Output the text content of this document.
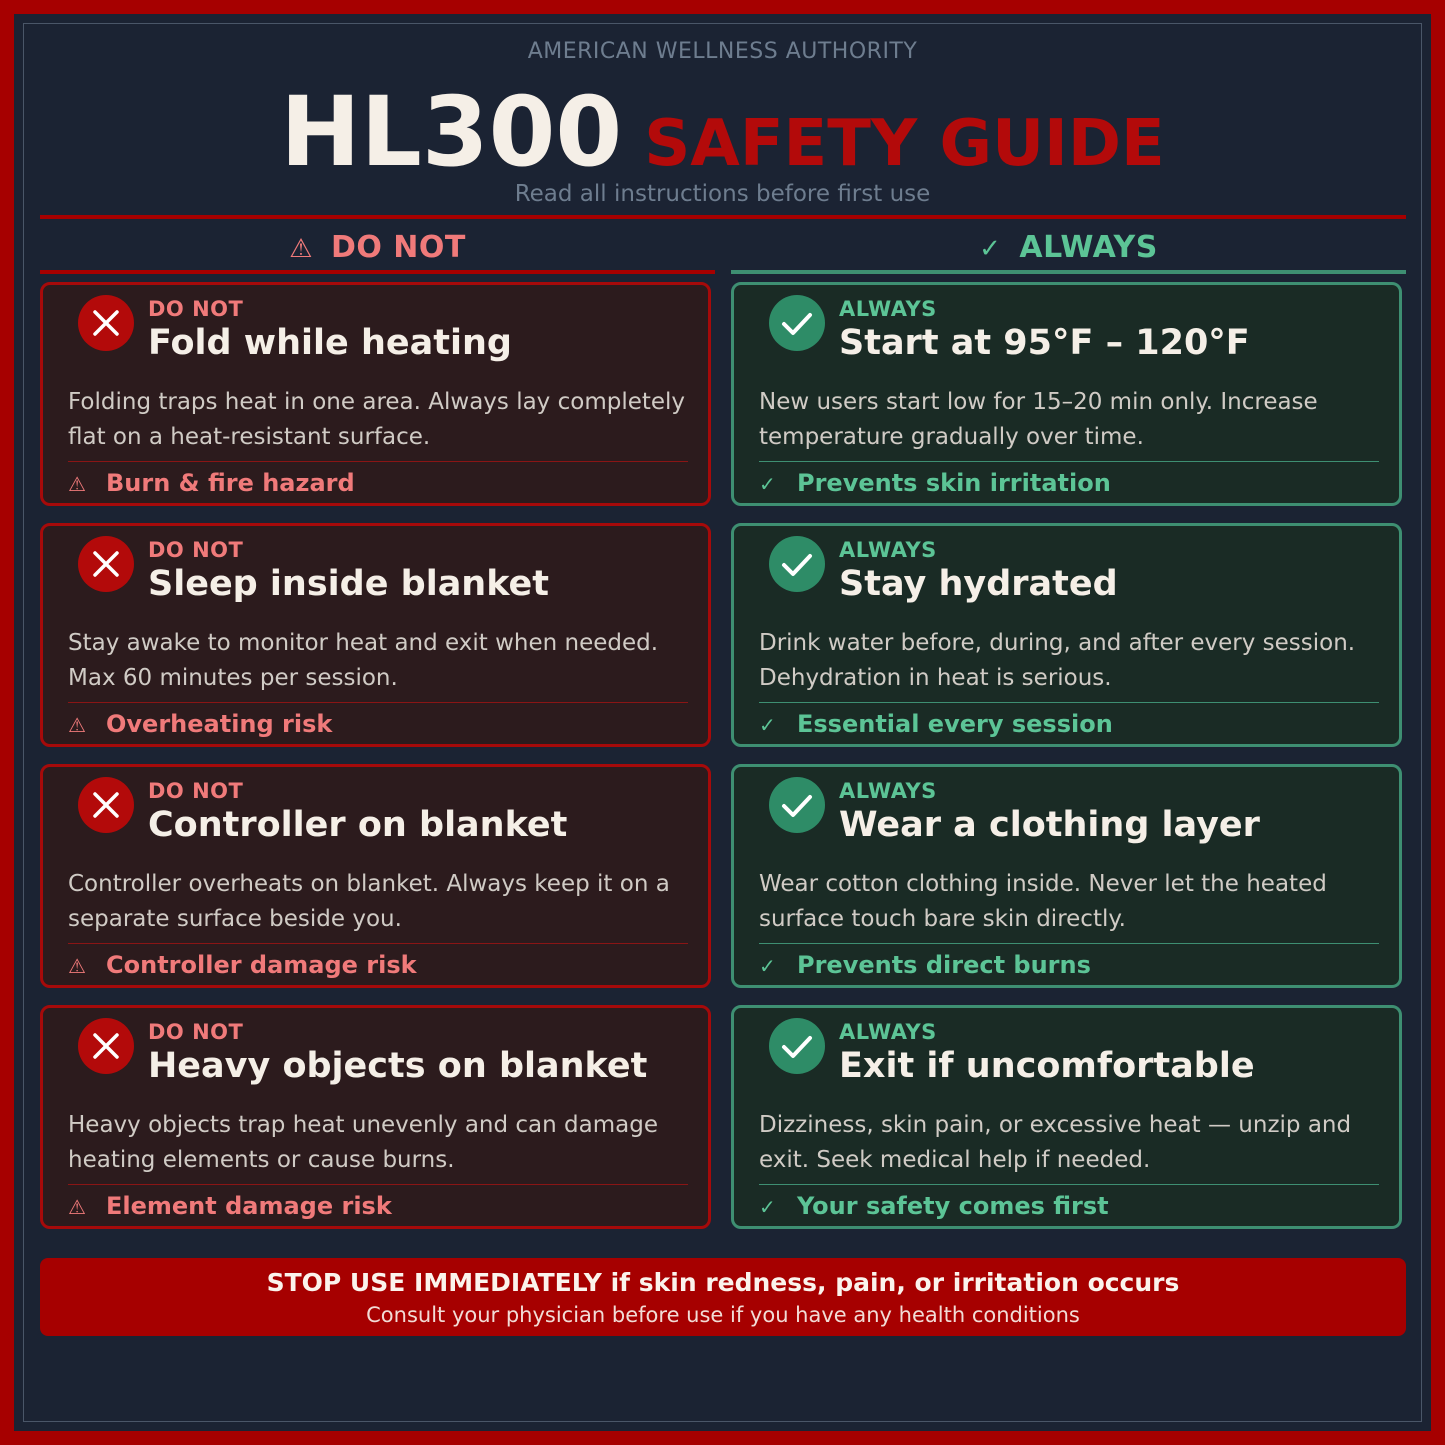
AMERICAN WELLNESS AUTHORITY
HL300 SAFETY GUIDE
Read all instructions before first use
⚠ DO NOT	✓ ALWAYS
DO NOT
Fold while heating
Folding traps heat in one area. Always lay completely flat on a heat-resistant surface.
⚠ Burn & fire hazard
DO NOT
Sleep inside blanket
Stay awake to monitor heat and exit when needed. Max 60 minutes per session.
⚠ Overheating risk
DO NOT
Controller on blanket
Controller overheats on blanket. Always keep it on a separate surface beside you.
⚠ Controller damage risk
DO NOT
Heavy objects on blanket
Heavy objects trap heat unevenly and can damage heating elements or cause burns.
⚠ Element damage risk
ALWAYS
Start at 95°F – 120°F
New users start low for 15–20 min only. Increase temperature gradually over time.
✓ Prevents skin irritation
ALWAYS
Stay hydrated
Drink water before, during, and after every session. Dehydration in heat is serious.
✓ Essential every session
ALWAYS
Wear a clothing layer
Wear cotton clothing inside. Never let the heated surface touch bare skin directly.
✓ Prevents direct burns
ALWAYS
Exit if uncomfortable
Dizziness, skin pain, or excessive heat — unzip and exit. Seek medical help if needed.
✓ Your safety comes first
STOP USE IMMEDIATELY if skin redness, pain, or irritation occurs
Consult your physician before use if you have any health conditions
